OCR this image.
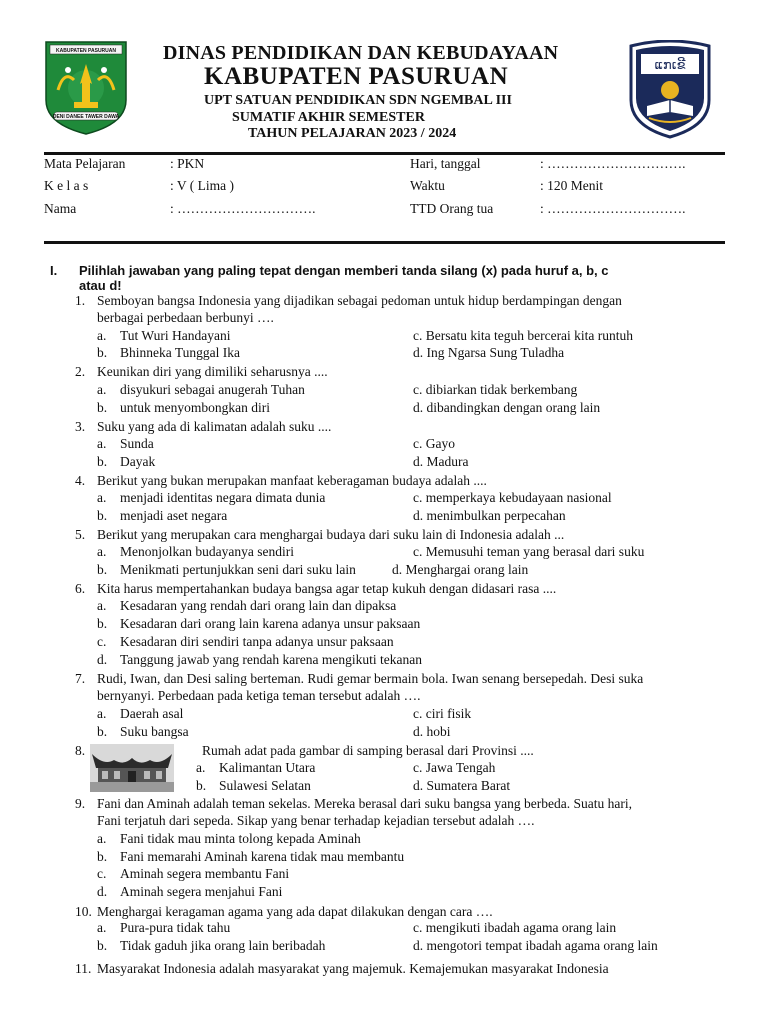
KABUPATEN PASURUAN
DENI DANEE TAWER DAWA
ແກເຂີ
DINAS PENDIDIKAN DAN KEBUDAYAAN
KABUPATEN PASURUAN
UPT SATUAN PENDIDIKAN SDN NGEMBAL III
SUMATIF AKHIR SEMESTER
TAHUN PELAJARAN 2023 / 2024
Mata Pelajaran	: PKN	Hari, tanggal	: ………………………….
K e l a s	: V ( Lima )	Waktu	: 120 Menit
Nama	: ………………………….	TTD Orang tua	: ………………………….
I. Pilihlah jawaban yang paling tepat dengan memberi tanda silang (x) pada huruf a, b, c
atau d!
1. Semboyan bangsa Indonesia yang dijadikan sebagai pedoman untuk hidup berdampingan dengan
berbagai perbedaan berbunyi ….
a. Tut Wuri Handayani	c. Bersatu kita teguh bercerai kita runtuh
b. Bhinneka Tunggal Ika	d. Ing Ngarsa Sung Tuladha
2. Keunikan diri yang dimiliki seharusnya ....
a. disyukuri sebagai anugerah Tuhan	c. dibiarkan tidak berkembang
b. untuk menyombongkan diri	d. dibandingkan dengan orang lain
3. Suku yang ada di kalimatan adalah suku ....
a. Sunda	c. Gayo
b. Dayak	d. Madura
4. Berikut yang bukan merupakan manfaat keberagaman budaya adalah ....
a. menjadi identitas negara dimata dunia	c. memperkaya kebudayaan nasional
b. menjadi aset negara	d. menimbulkan perpecahan
5. Berikut yang merupakan cara menghargai budaya dari suku lain di Indonesia adalah ...
a. Menonjolkan budayanya sendiri	c. Memusuhi teman yang berasal dari suku
b. Menikmati pertunjukkan seni dari suku lain	d. Menghargai orang lain
6. Kita harus mempertahankan budaya bangsa agar tetap kukuh dengan didasari rasa ....
a. Kesadaran yang rendah dari orang lain dan dipaksa
b. Kesadaran dari orang lain karena adanya unsur paksaan
c. Kesadaran diri sendiri tanpa adanya unsur paksaan
d. Tanggung jawab yang rendah karena mengikuti tekanan
7. Rudi, Iwan, dan Desi saling berteman. Rudi gemar bermain bola. Iwan senang bersepedah. Desi suka
bernyanyi. Perbedaan pada ketiga teman tersebut adalah ….
a. Daerah asal	c. ciri fisik
b. Suku bangsa	d. hobi
8.	Rumah adat pada gambar di samping berasal dari Provinsi ....
a. Kalimantan Utara	c. Jawa Tengah
b. Sulawesi Selatan	d. Sumatera Barat
9. Fani dan Aminah adalah teman sekelas. Mereka berasal dari suku bangsa yang berbeda. Suatu hari,
Fani terjatuh dari sepeda. Sikap yang benar terhadap kejadian tersebut adalah ….
a. Fani tidak mau minta tolong kepada Aminah
b. Fani memarahi Aminah karena tidak mau membantu
c. Aminah segera membantu Fani
d. Aminah segera menjahui Fani
10. Menghargai keragaman agama yang ada dapat dilakukan dengan cara ….
a. Pura-pura tidak tahu	c. mengikuti ibadah agama orang lain
b. Tidak gaduh jika orang lain beribadah	d. mengotori tempat ibadah agama orang lain
11. Masyarakat Indonesia adalah masyarakat yang majemuk. Kemajemukan masyarakat Indonesia
